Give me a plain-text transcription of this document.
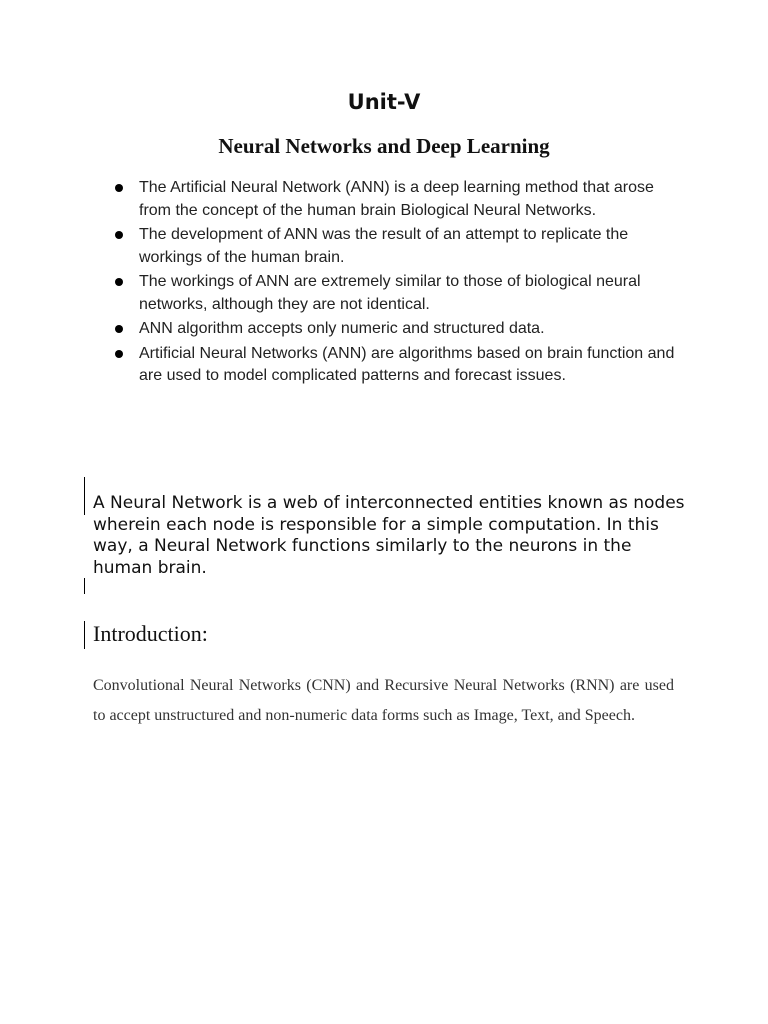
Unit-V
Neural Networks and Deep Learning
The Artificial Neural Network (ANN) is a deep learning method that arose from the concept of the human brain Biological Neural Networks.
The development of ANN was the result of an attempt to replicate the workings of the human brain.
The workings of ANN are extremely similar to those of biological neural networks, although they are not identical.
ANN algorithm accepts only numeric and structured data.
Artificial Neural Networks (ANN) are algorithms based on brain function and are used to model complicated patterns and forecast issues.
A Neural Network is a web of interconnected entities known as nodes wherein each node is responsible for a simple computation. In this way, a Neural Network functions similarly to the neurons in the human brain.
Introduction:
Convolutional Neural Networks (CNN) and Recursive Neural Networks (RNN) are used to accept unstructured and non-numeric data forms such as Image, Text, and Speech.
